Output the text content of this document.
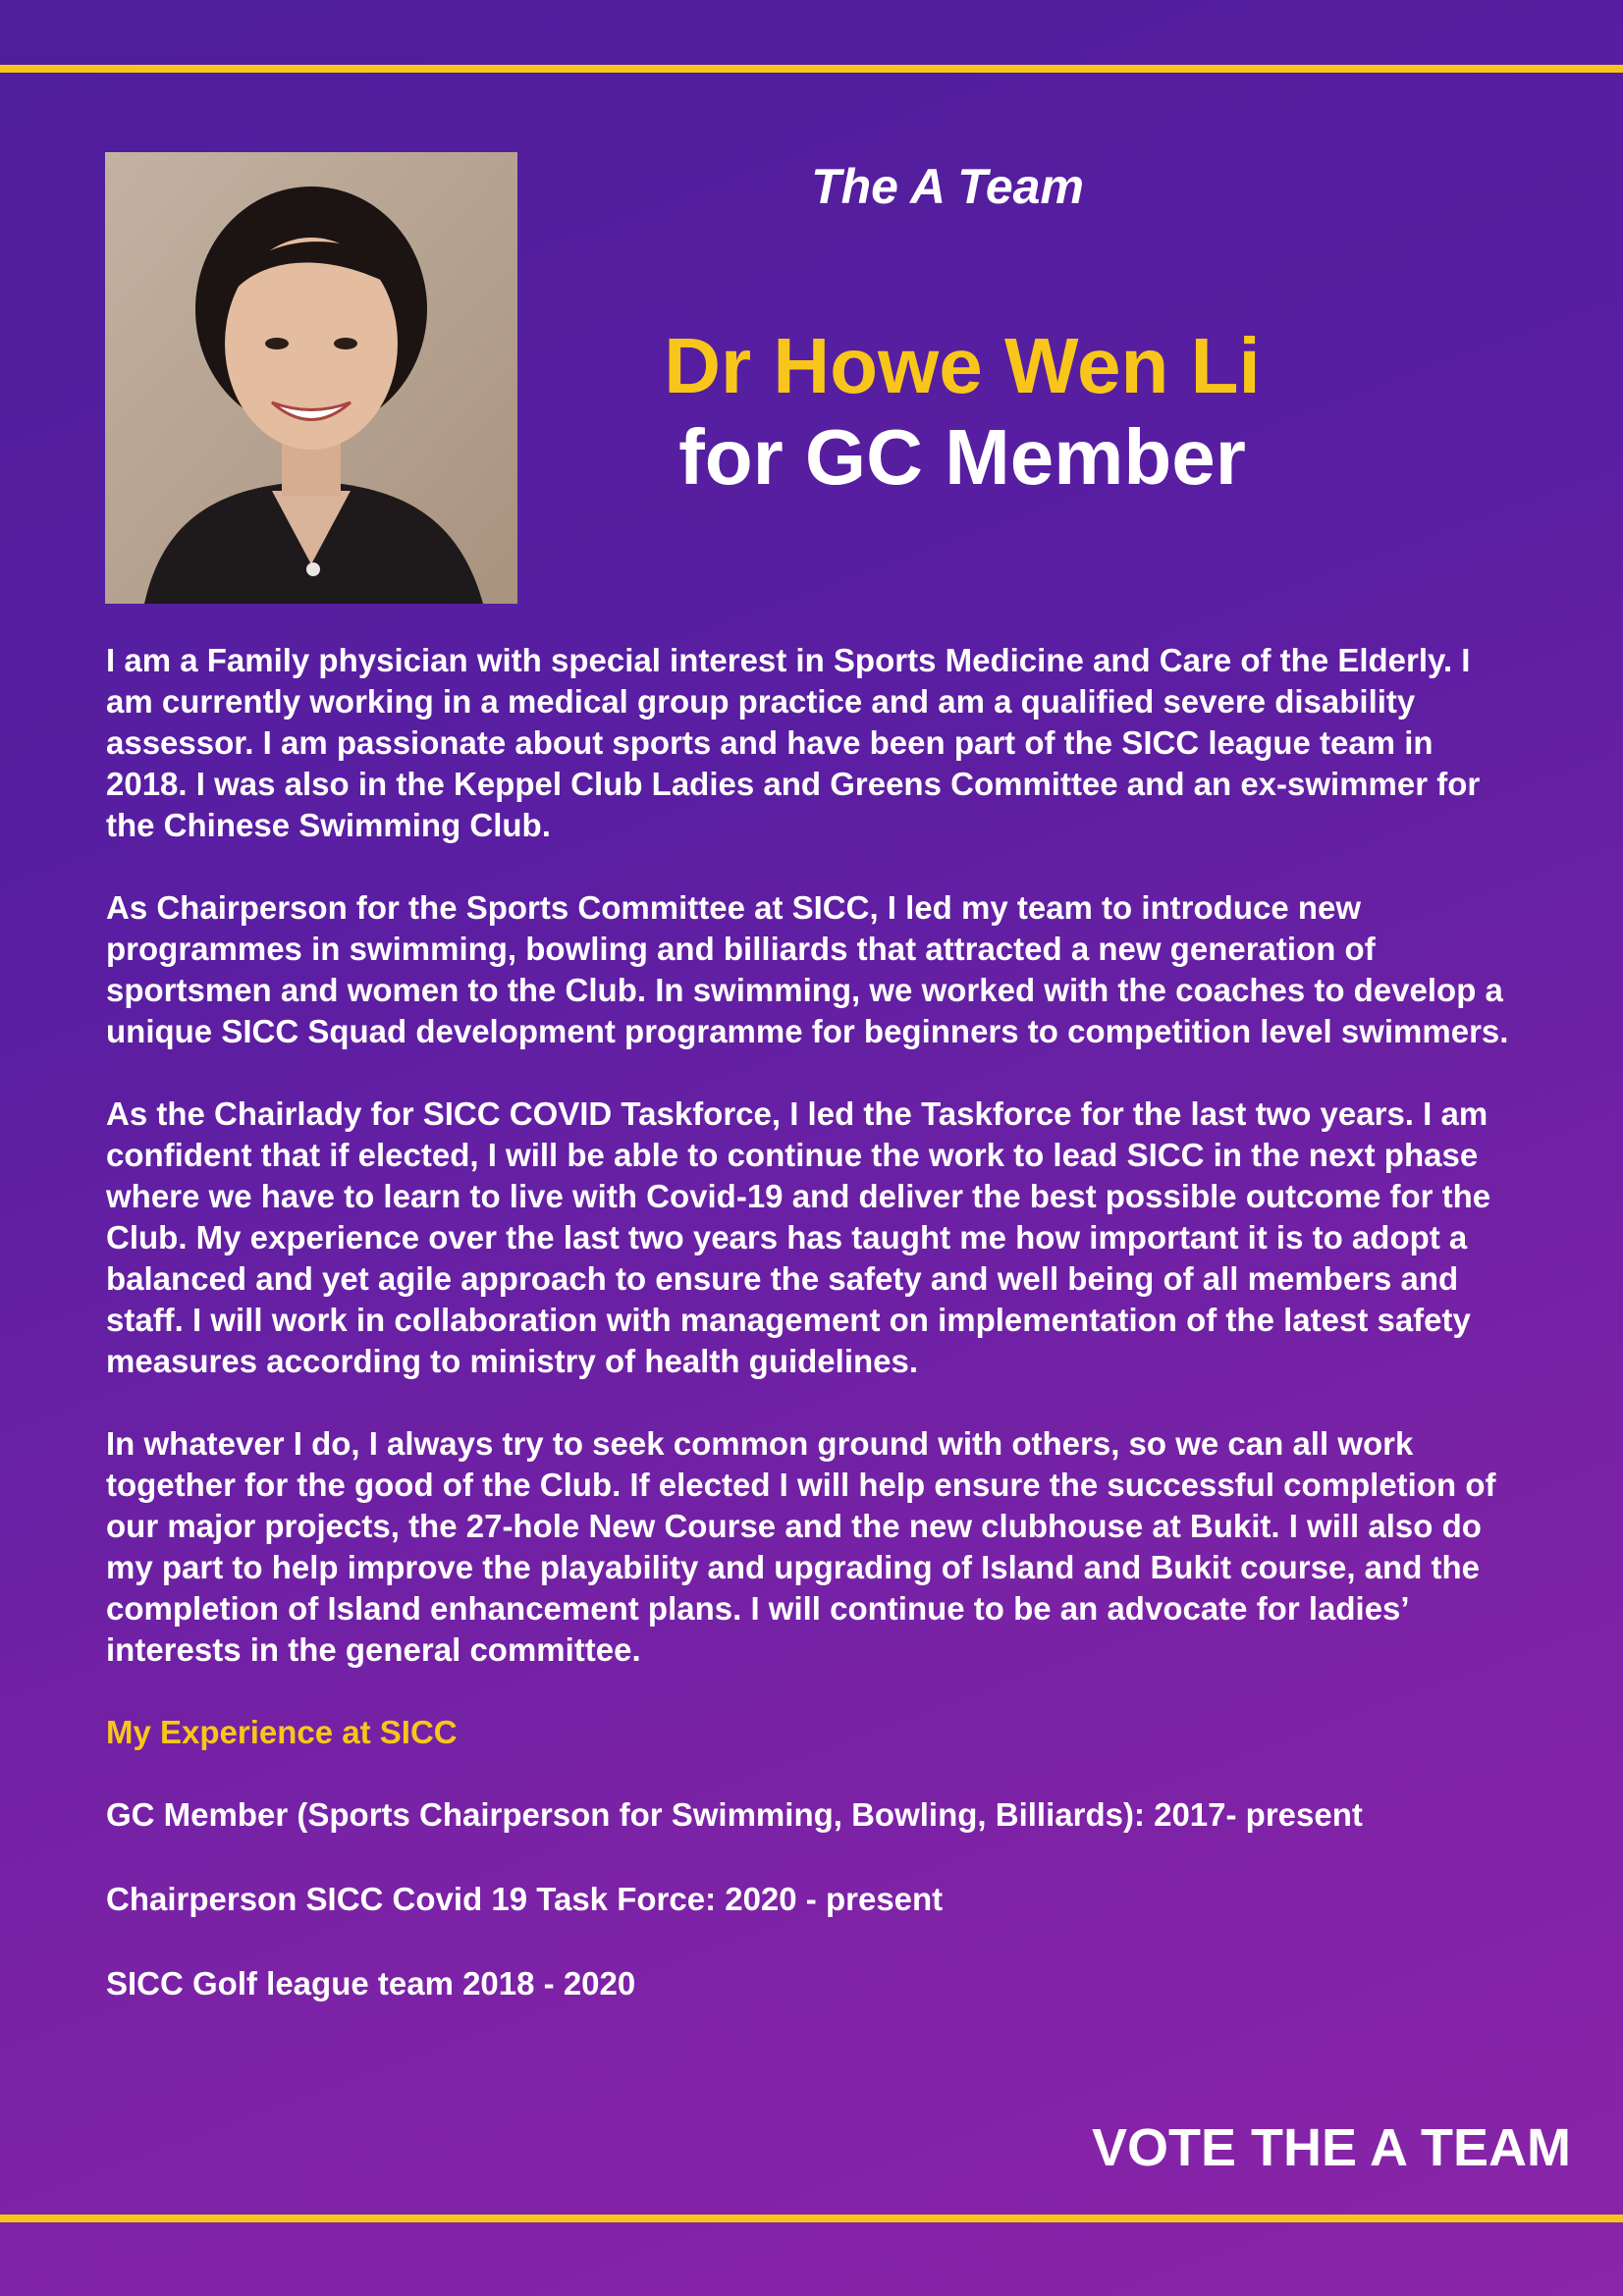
The A Team
Dr Howe Wen Li
for GC Member

I am a Family physician with special interest in Sports Medicine and Care of the Elderly. I am currently working in a medical group practice and am a qualified severe disability assessor. I am passionate about sports and have been part of the SICC league team in 2018. I was also in the Keppel Club Ladies and Greens Committee and an ex-swimmer for the Chinese Swimming Club.

As Chairperson for the Sports Committee at SICC, I led my team to introduce new programmes in swimming, bowling and billiards that attracted a new generation of sportsmen and women to the Club. In swimming, we worked with the coaches to develop a unique SICC Squad development programme for beginners to competition level swimmers.

As the Chairlady for SICC COVID Taskforce, I led the Taskforce for the last two years. I am confident that if elected, I will be able to continue the work to lead SICC in the next phase where we have to learn to live with Covid-19 and deliver the best possible outcome for the Club. My experience over the last two years has taught me how important it is to adopt a balanced and yet agile approach to ensure the safety and well being of all members and staff. I will work in collaboration with management on implementation of the latest safety measures according to ministry of health guidelines.

In whatever I do, I always try to seek common ground with others, so we can all work together for the good of the Club. If elected I will help ensure the successful completion of our major projects, the 27-hole New Course and the new clubhouse at Bukit. I will also do my part to help improve the playability and upgrading of Island and Bukit course, and the completion of Island enhancement plans. I will continue to be an advocate for ladies’ interests in the general committee.

My Experience at SICC
GC Member (Sports Chairperson for Swimming, Bowling, Billiards): 2017- present
Chairperson SICC Covid 19 Task Force: 2020 - present
SICC Golf league team 2018 - 2020
VOTE THE A TEAM
